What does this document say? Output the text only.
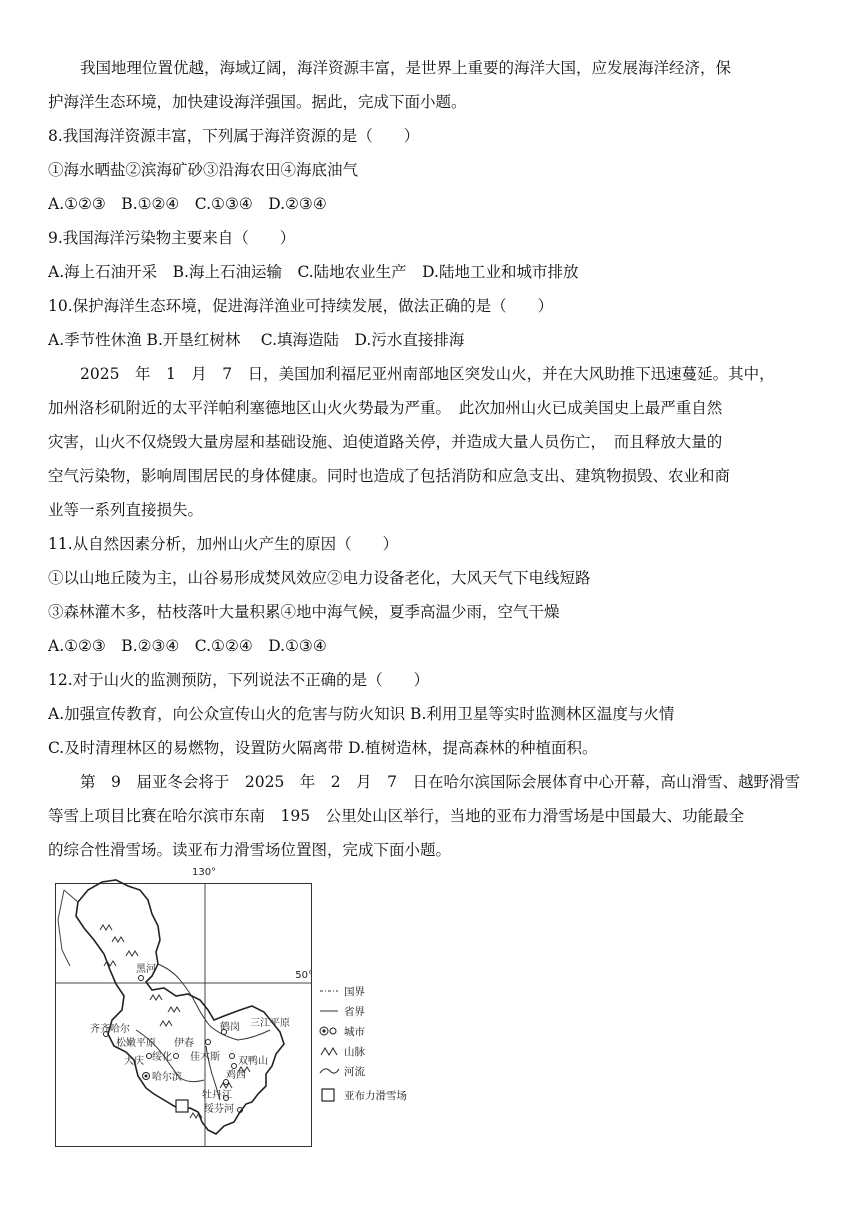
我国地理位置优越，海域辽阔，海洋资源丰富，是世界上重要的海洋大国，应发展海洋经济，保
护海洋生态环境，加快建设海洋强国。据此，完成下面小题。
8.我国海洋资源丰富，下列属于海洋资源的是（　　）
①海水晒盐②滨海矿砂③沿海农田④海底油气
A.①②③　B.①②④　C.①③④　D.②③④
9.我国海洋污染物主要来自（　　）
A.海上石油开采　B.海上石油运输　C.陆地农业生产　D.陆地工业和城市排放
10.保护海洋生态环境，促进海洋渔业可持续发展，做法正确的是（　　）
A.季节性休渔 B.开垦红树林　 C.填海造陆　D.污水直接排海
2025　年　1　月　7　日，美国加利福尼亚州南部地区突发山火，并在大风助推下迅速蔓延。其中，
加州洛杉矶附近的太平洋帕利塞德地区山火火势最为严重。　此次加州山火已成美国史上最严重自然
灾害，山火不仅烧毁大量房屋和基础设施、迫使道路关停，并造成大量人员伤亡，　而且释放大量的
空气污染物，影响周围居民的身体健康。同时也造成了包括消防和应急支出、建筑物损毁、农业和商
业等一系列直接损失。
11.从自然因素分析，加州山火产生的原因（　　）
①以山地丘陵为主，山谷易形成焚风效应②电力设备老化，大风天气下电线短路
③森林灌木多，枯枝落叶大量积累④地中海气候，夏季高温少雨，空气干燥
A.①②③　B.②③④　C.①②④　D.①③④
12.对于山火的监测预防，下列说法不正确的是（　　）
A.加强宣传教育，向公众宣传山火的危害与防火知识 B.利用卫星等实时监测林区温度与火情
C.及时清理林区的易燃物，设置防火隔离带 D.植树造林，提高森林的种植面积。
第　9　届亚冬会将于　2025　年　2　月　7　日在哈尔滨国际会展体育中心开幕，高山滑雪、越野滑雪
等雪上项目比赛在哈尔滨市东南　195　公里处山区举行，当地的亚布力滑雪场是中国最大、功能最全
的综合性滑雪场。读亚布力滑雪场位置图，完成下面小题。
130°
50°
黑河
齐齐哈尔
松嫩平原
大庆 绥化
伊春
哈尔滨
佳木斯
鹤岗 三江平原
双鸭山
鸡西
牡丹江
绥芬河
国界
省界
城市
山脉
河流
亚布力滑雪场
